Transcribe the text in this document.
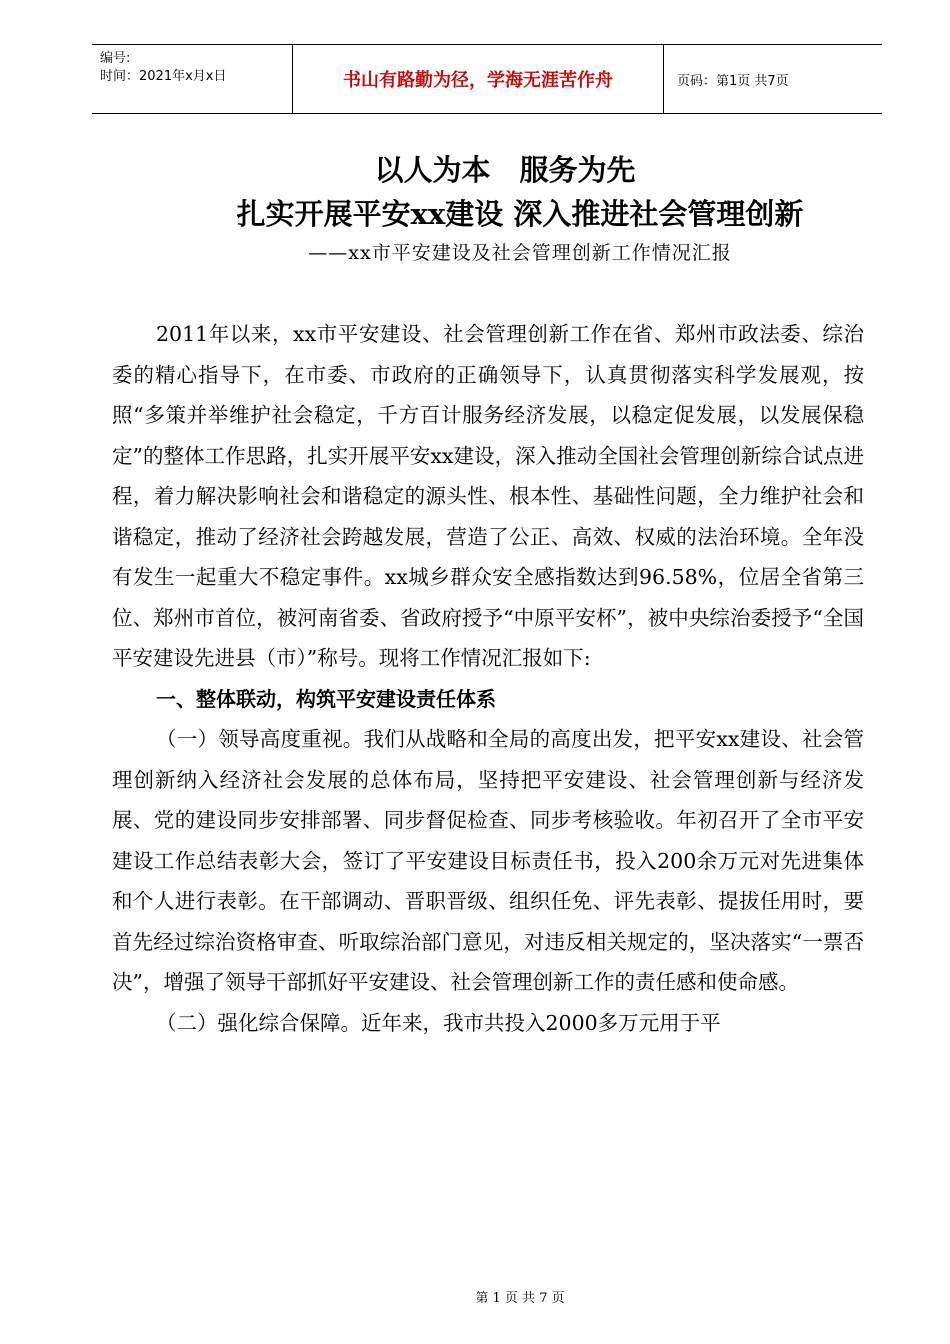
编号:
时间：2021年x月x日	书山有路勤为径，学海无涯苦作舟	页码：第1页 共7页
以人为本　服务为先
扎实开展平安xx建设 深入推进社会管理创新
——xx市平安建设及社会管理创新工作情况汇报

2011年以来，xx市平安建设、社会管理创新工作在省、郑州市政法委、综治委的精心指导下，在市委、市政府的正确领导下，认真贯彻落实科学发展观，按照“多策并举维护社会稳定，千方百计服务经济发展，以稳定促发展，以发展保稳定”的整体工作思路，扎实开展平安xx建设，深入推动全国社会管理创新综合试点进程，着力解决影响社会和谐稳定的源头性、根本性、基础性问题，全力维护社会和谐稳定，推动了经济社会跨越发展，营造了公正、高效、权威的法治环境。全年没有发生一起重大不稳定事件。xx城乡群众安全感指数达到96.58%，位居全省第三位、郑州市首位，被河南省委、省政府授予“中原平安杯”，被中央综治委授予“全国平安建设先进县（市）”称号。现将工作情况汇报如下:

一、整体联动，构筑平安建设责任体系

（一）领导高度重视。我们从战略和全局的高度出发，把平安xx建设、社会管理创新纳入经济社会发展的总体布局，坚持把平安建设、社会管理创新与经济发展、党的建设同步安排部署、同步督促检查、同步考核验收。年初召开了全市平安建设工作总结表彰大会，签订了平安建设目标责任书，投入200余万元对先进集体和个人进行表彰。在干部调动、晋职晋级、组织任免、评先表彰、提拔任用时，要首先经过综治资格审查、听取综治部门意见，对违反相关规定的，坚决落实“一票否决”，增强了领导干部抓好平安建设、社会管理创新工作的责任感和使命感。

（二）强化综合保障。近年来，我市共投入2000多万元用于平

第 1 页 共 7 页
